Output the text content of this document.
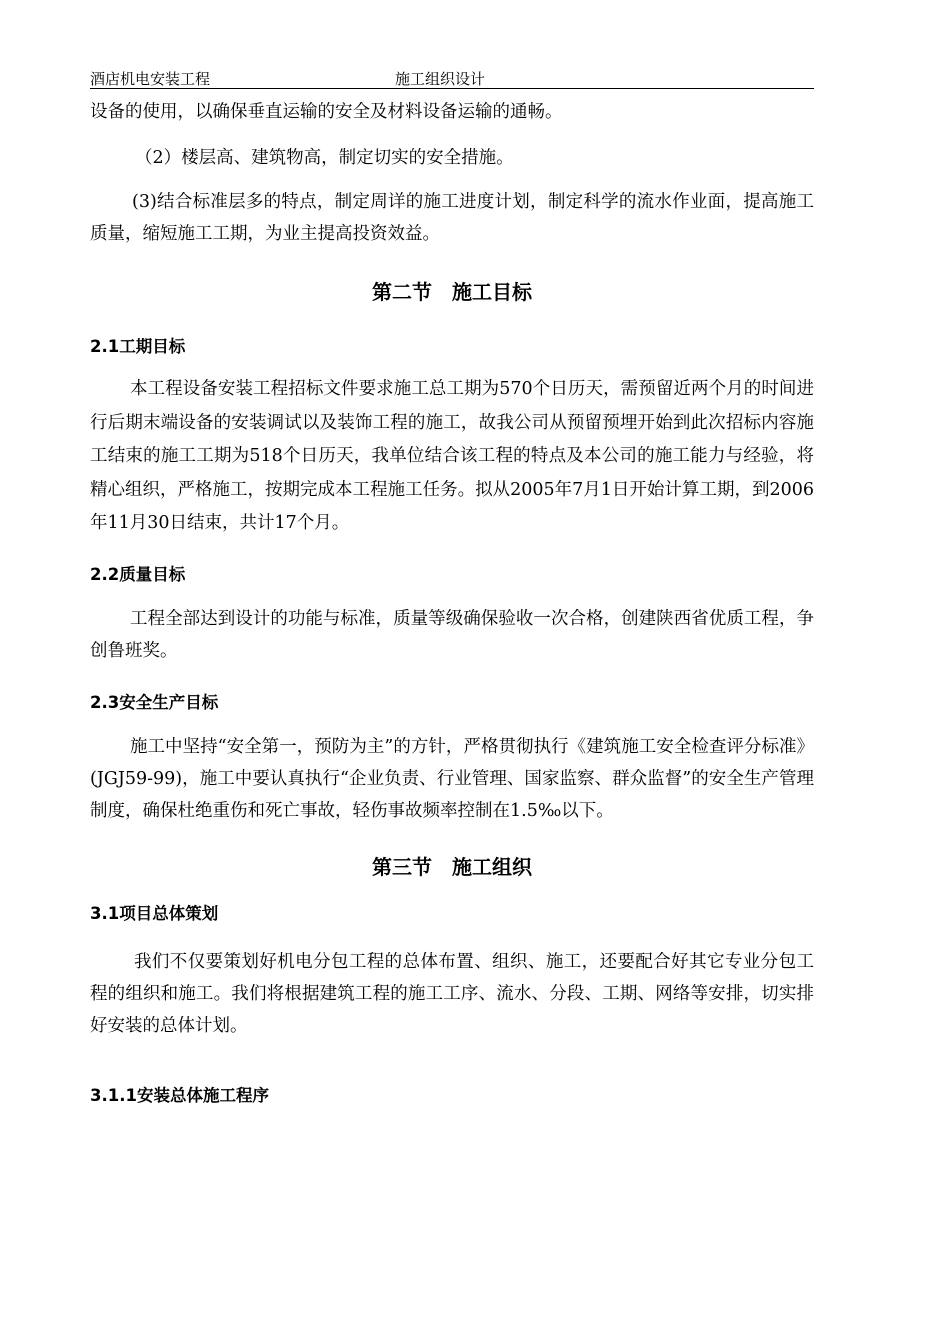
酒店机电安装工程	施工组织设计

设备的使用，以确保垂直运输的安全及材料设备运输的通畅。

（2）楼层高、建筑物高，制定切实的安全措施。

(3)结合标准层多的特点，制定周详的施工进度计划，制定科学的流水作业面，提高施工质量，缩短施工工期，为业主提高投资效益。

第二节　施工目标
2.1工期目标

本工程设备安装工程招标文件要求施工总工期为570个日历天，需预留近两个月的时间进行后期末端设备的安装调试以及装饰工程的施工，故我公司从预留预埋开始到此次招标内容施工结束的施工工期为518个日历天，我单位结合该工程的特点及本公司的施工能力与经验，将精心组织，严格施工，按期完成本工程施工任务。拟从2005年7月1日开始计算工期，到2006年11月30日结束，共计17个月。

2.2质量目标

工程全部达到设计的功能与标准，质量等级确保验收一次合格，创建陕西省优质工程，争创鲁班奖。

2.3安全生产目标

施工中坚持“安全第一，预防为主”的方针，严格贯彻执行《建筑施工安全检查评分标准》(JGJ59-99)，施工中要认真执行“企业负责、行业管理、国家监察、群众监督”的安全生产管理制度，确保杜绝重伤和死亡事故，轻伤事故频率控制在1.5‰以下。

第三节　施工组织
3.1项目总体策划

我们不仅要策划好机电分包工程的总体布置、组织、施工，还要配合好其它专业分包工程的组织和施工。我们将根据建筑工程的施工工序、流水、分段、工期、网络等安排，切实排好安装的总体计划。

3.1.1安装总体施工程序
